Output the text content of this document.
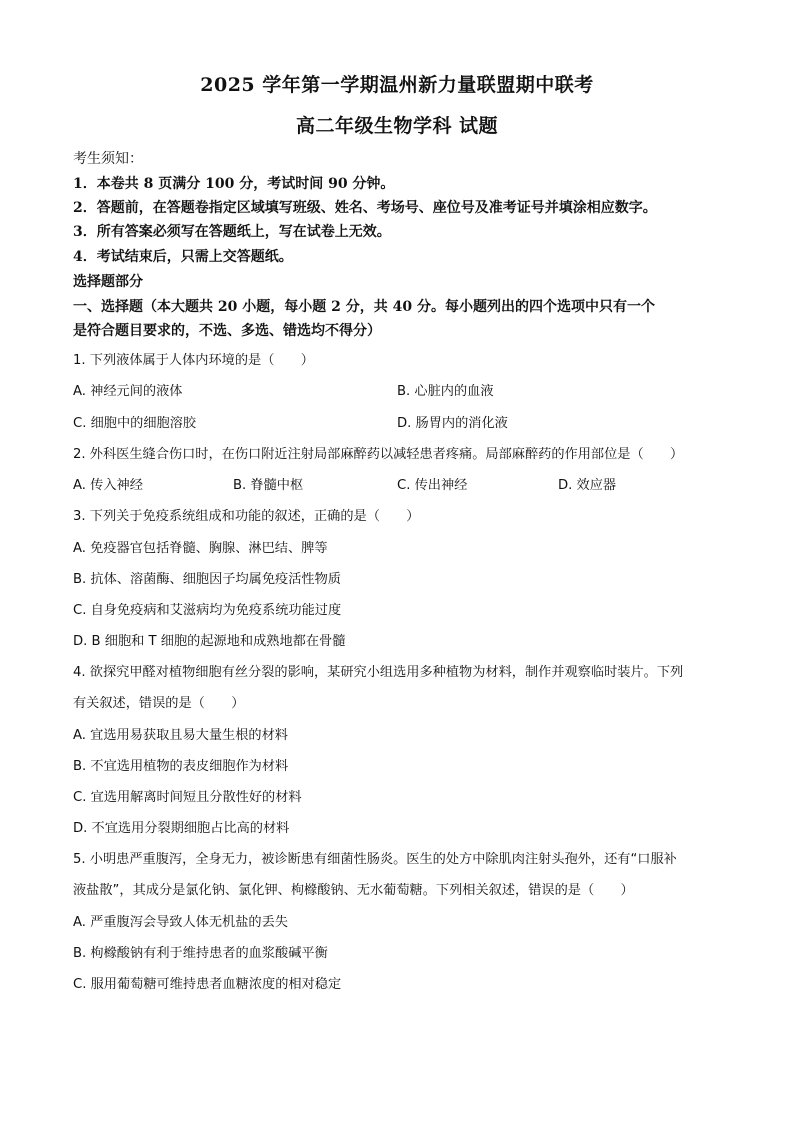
2025 学年第一学期温州新力量联盟期中联考
高二年级生物学科 试题
考生须知：
1．本卷共 8 页满分 100 分，考试时间 90 分钟。
2．答题前，在答题卷指定区域填写班级、姓名、考场号、座位号及准考证号并填涂相应数字。
3．所有答案必须写在答题纸上，写在试卷上无效。
4．考试结束后，只需上交答题纸。
选择题部分
一、选择题（本大题共 20 小题，每小题 2 分，共 40 分。每小题列出的四个选项中只有一个
是符合题目要求的，不选、多选、错选均不得分）
1. 下列液体属于人体内环境的是（　　）
A. 神经元间的液体	B. 心脏内的血液
C. 细胞中的细胞溶胶	D. 肠胃内的消化液
2. 外科医生缝合伤口时，在伤口附近注射局部麻醉药以减轻患者疼痛。局部麻醉药的作用部位是（　　）
A. 传入神经	B. 脊髓中枢	C. 传出神经	D. 效应器
3. 下列关于免疫系统组成和功能的叙述，正确的是（　　）
A. 免疫器官包括脊髓、胸腺、淋巴结、脾等
B. 抗体、溶菌酶、细胞因子均属免疫活性物质
C. 自身免疫病和艾滋病均为免疫系统功能过度
D. B 细胞和 T 细胞的起源地和成熟地都在骨髓
4. 欲探究甲醛对植物细胞有丝分裂的影响，某研究小组选用多种植物为材料，制作并观察临时装片。下列
有关叙述，错误的是（　　）
A. 宜选用易获取且易大量生根的材料
B. 不宜选用植物的表皮细胞作为材料
C. 宜选用解离时间短且分散性好的材料
D. 不宜选用分裂期细胞占比高的材料
5. 小明患严重腹泻，全身无力，被诊断患有细菌性肠炎。医生的处方中除肌肉注射头孢外，还有“口服补
液盐散”，其成分是氯化钠、氯化钾、枸橼酸钠、无水葡萄糖。下列相关叙述，错误的是（　　）
A. 严重腹泻会导致人体无机盐的丢失
B. 枸橼酸钠有利于维持患者的血浆酸碱平衡
C. 服用葡萄糖可维持患者血糖浓度的相对稳定
